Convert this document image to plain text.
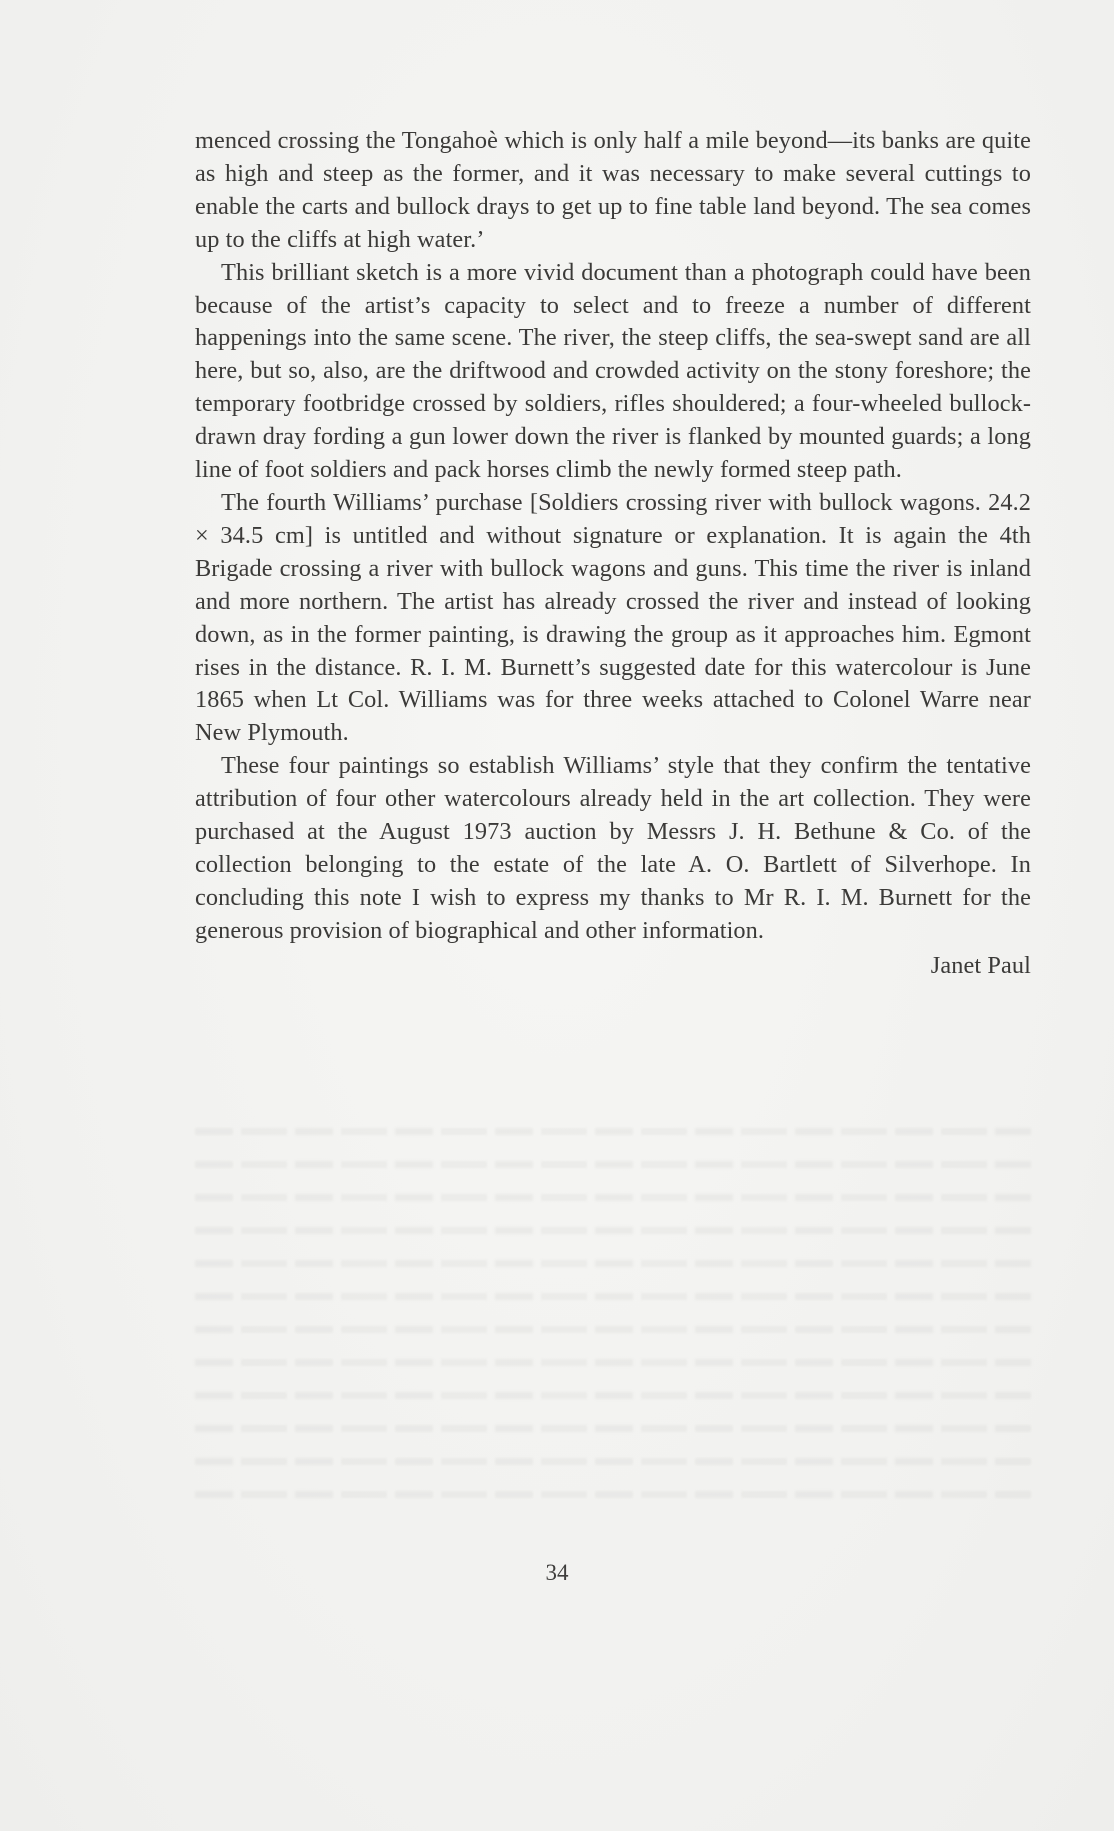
menced crossing the Tongahoè which is only half a mile beyond—its banks are quite as high and steep as the former, and it was necessary to make several cuttings to enable the carts and bullock drays to get up to fine table land beyond. The sea comes up to the cliffs at high water.’

This brilliant sketch is a more vivid document than a photograph could have been because of the artist’s capacity to select and to freeze a number of different happenings into the same scene. The river, the steep cliffs, the sea-swept sand are all here, but so, also, are the driftwood and crowded activity on the stony foreshore; the temporary footbridge crossed by soldiers, rifles shouldered; a four-wheeled bullockdrawn dray fording a gun lower down the river is flanked by mounted guards; a long line of foot soldiers and pack horses climb the newly formed steep path.

The fourth Williams’ purchase [Soldiers crossing river with bullock wagons. 24.2 × 34.5 cm] is untitled and without signature or explanation. It is again the 4th Brigade crossing a river with bullock wagons and guns. This time the river is inland and more northern. The artist has already crossed the river and instead of looking down, as in the former painting, is drawing the group as it approaches him. Egmont rises in the distance. R. I. M. Burnett’s suggested date for this watercolour is June 1865 when Lt Col. Williams was for three weeks attached to Colonel Warre near New Plymouth.

These four paintings so establish Williams’ style that they confirm the tentative attribution of four other watercolours already held in the art collection. They were purchased at the August 1973 auction by Messrs J. H. Bethune & Co. of the collection belonging to the estate of the late A. O. Bartlett of Silverhope. In concluding this note I wish to express my thanks to Mr R. I. M. Burnett for the generous provision of biographical and other information.

Janet Paul

34
